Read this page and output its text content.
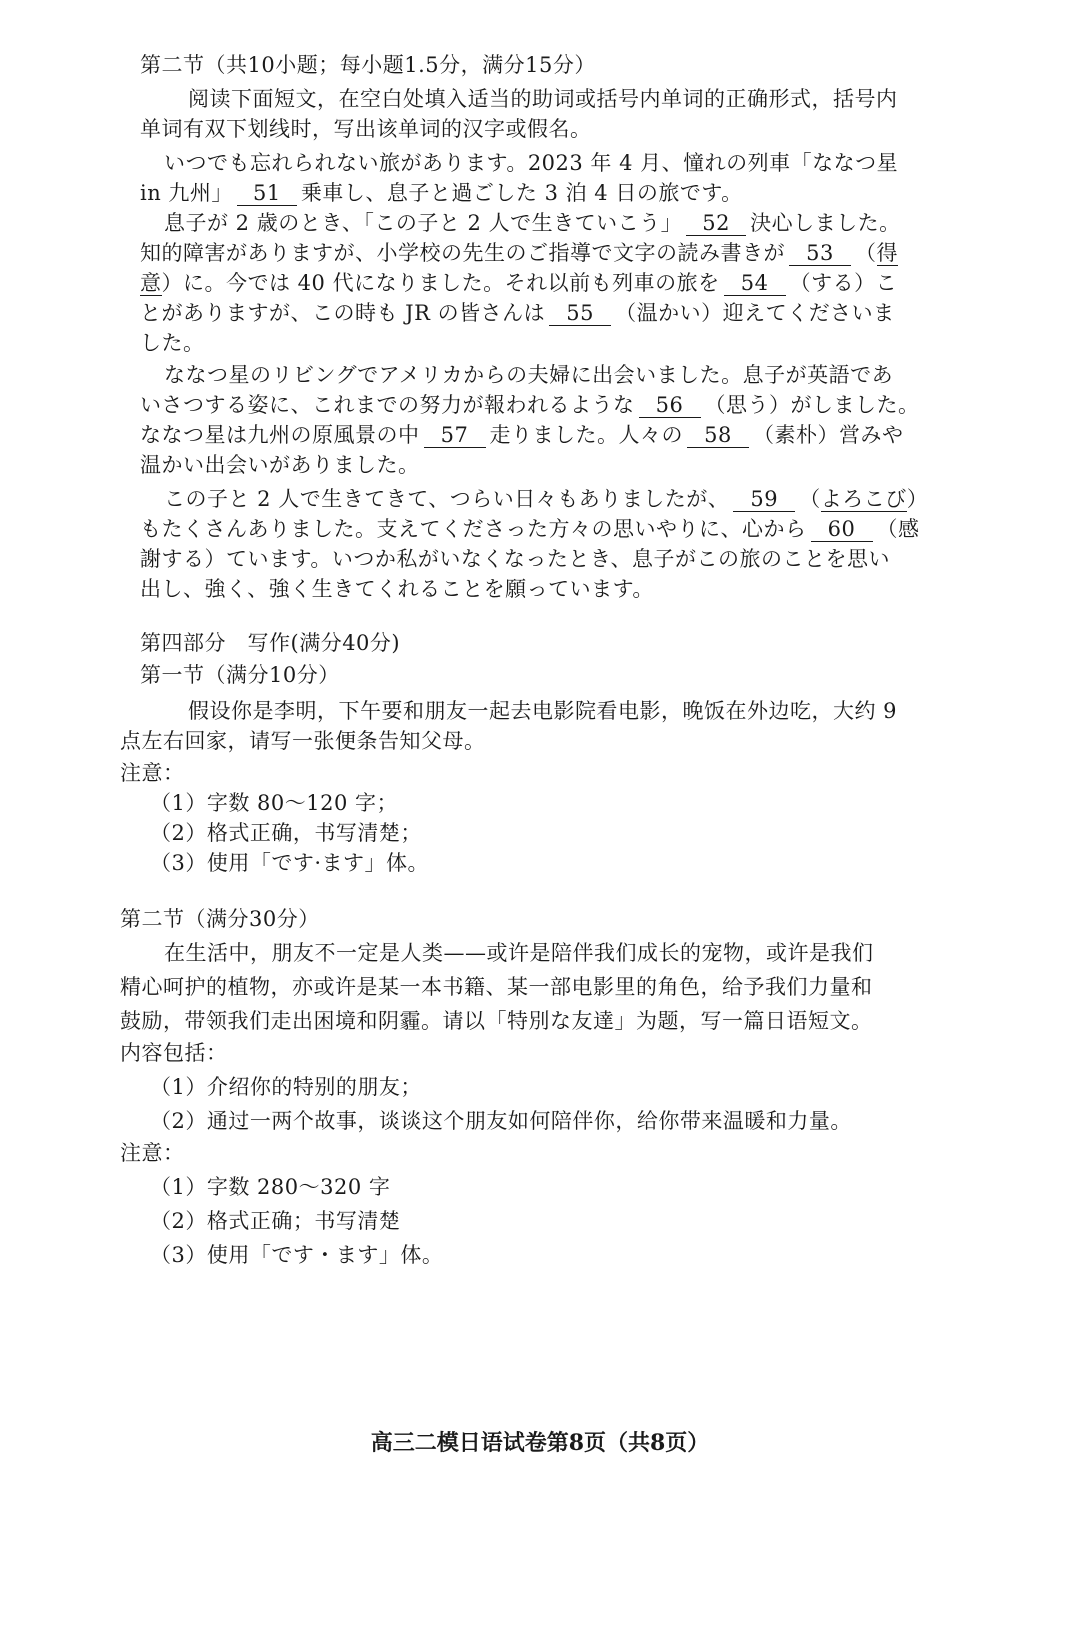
第二节（共10小题；每小题1.5分，满分15分）
阅读下面短文，在空白处填入适当的助词或括号内单词的正确形式，括号内
单词有双下划线时，写出该单词的汉字或假名。
いつでも忘れられない旅があります。2023 年 4 月、憧れの列車「ななつ星
in 九州」 51 乗車し、息子と過ごした 3 泊 4 日の旅です。
息子が 2 歳のとき、「この子と 2 人で生きていこう」 52 決心しました。
知的障害がありますが、小学校の先生のご指導で文字の読み書きが 53 （得
意）に。今では 40 代になりました。それ以前も列車の旅を 54 （する）こ
とがありますが、この時も JR の皆さんは 55 （温かい）迎えてくださいま
した。
ななつ星のリビングでアメリカからの夫婦に出会いました。息子が英語であ
いさつする姿に、これまでの努力が報われるような 56 （思う）がしました。
ななつ星は九州の原風景の中 57 走りました。人々の 58 （素朴）営みや
温かい出会いがありました。
この子と 2 人で生きてきて、つらい日々もありましたが、 59 （よろこび）
もたくさんありました。支えてくださった方々の思いやりに、心から 60 （感
謝する）ています。いつか私がいなくなったとき、息子がこの旅のことを思い
出し、強く、強く生きてくれることを願っています。
第四部分　写作(满分40分)
第一节（满分10分）
假设你是李明，下午要和朋友一起去电影院看电影，晚饭在外边吃，大约 9
点左右回家，请写一张便条告知父母。
注意：
（1）字数 80～120 字；
（2）格式正确，书写清楚；
（3）使用「です·ます」体。
第二节（满分30分）
在生活中，朋友不一定是人类——或许是陪伴我们成长的宠物，或许是我们
精心呵护的植物，亦或许是某一本书籍、某一部电影里的角色，给予我们力量和
鼓励，带领我们走出困境和阴霾。请以「特別な友達」为题，写一篇日语短文。
内容包括：
（1）介绍你的特别的朋友；
（2）通过一两个故事，谈谈这个朋友如何陪伴你，给你带来温暖和力量。
注意：
（1）字数 280～320 字
（2）格式正确；书写清楚
（3）使用「です・ます」体。
高三二模日语试卷第8页（共8页）
